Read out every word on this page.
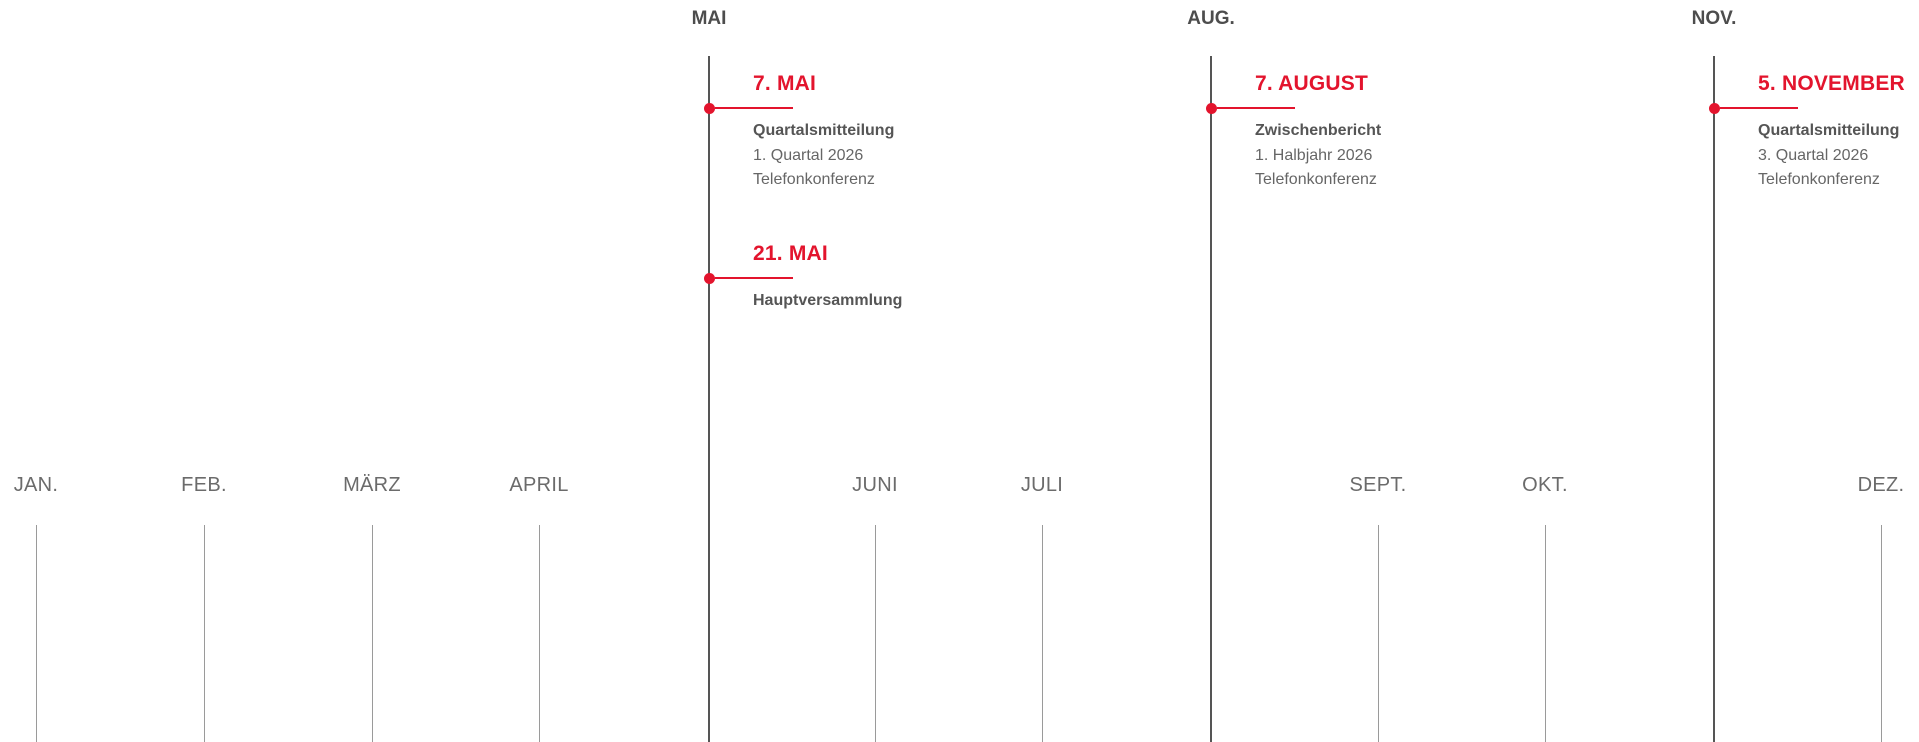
JAN.	FEB.	MÄRZ	APRIL	JUNI	JULI	SEPT.	OKT.	DEZ.
MAI
7. MAI
Quartalsmitteilung
1. Quartal 2026
Telefonkonferenz
21. MAI
Hauptversammlung
AUG.
7. AUGUST
Zwischenbericht
1. Halbjahr 2026
Telefonkonferenz
NOV.
5. NOVEMBER
Quartalsmitteilung
3. Quartal 2026
Telefonkonferenz
